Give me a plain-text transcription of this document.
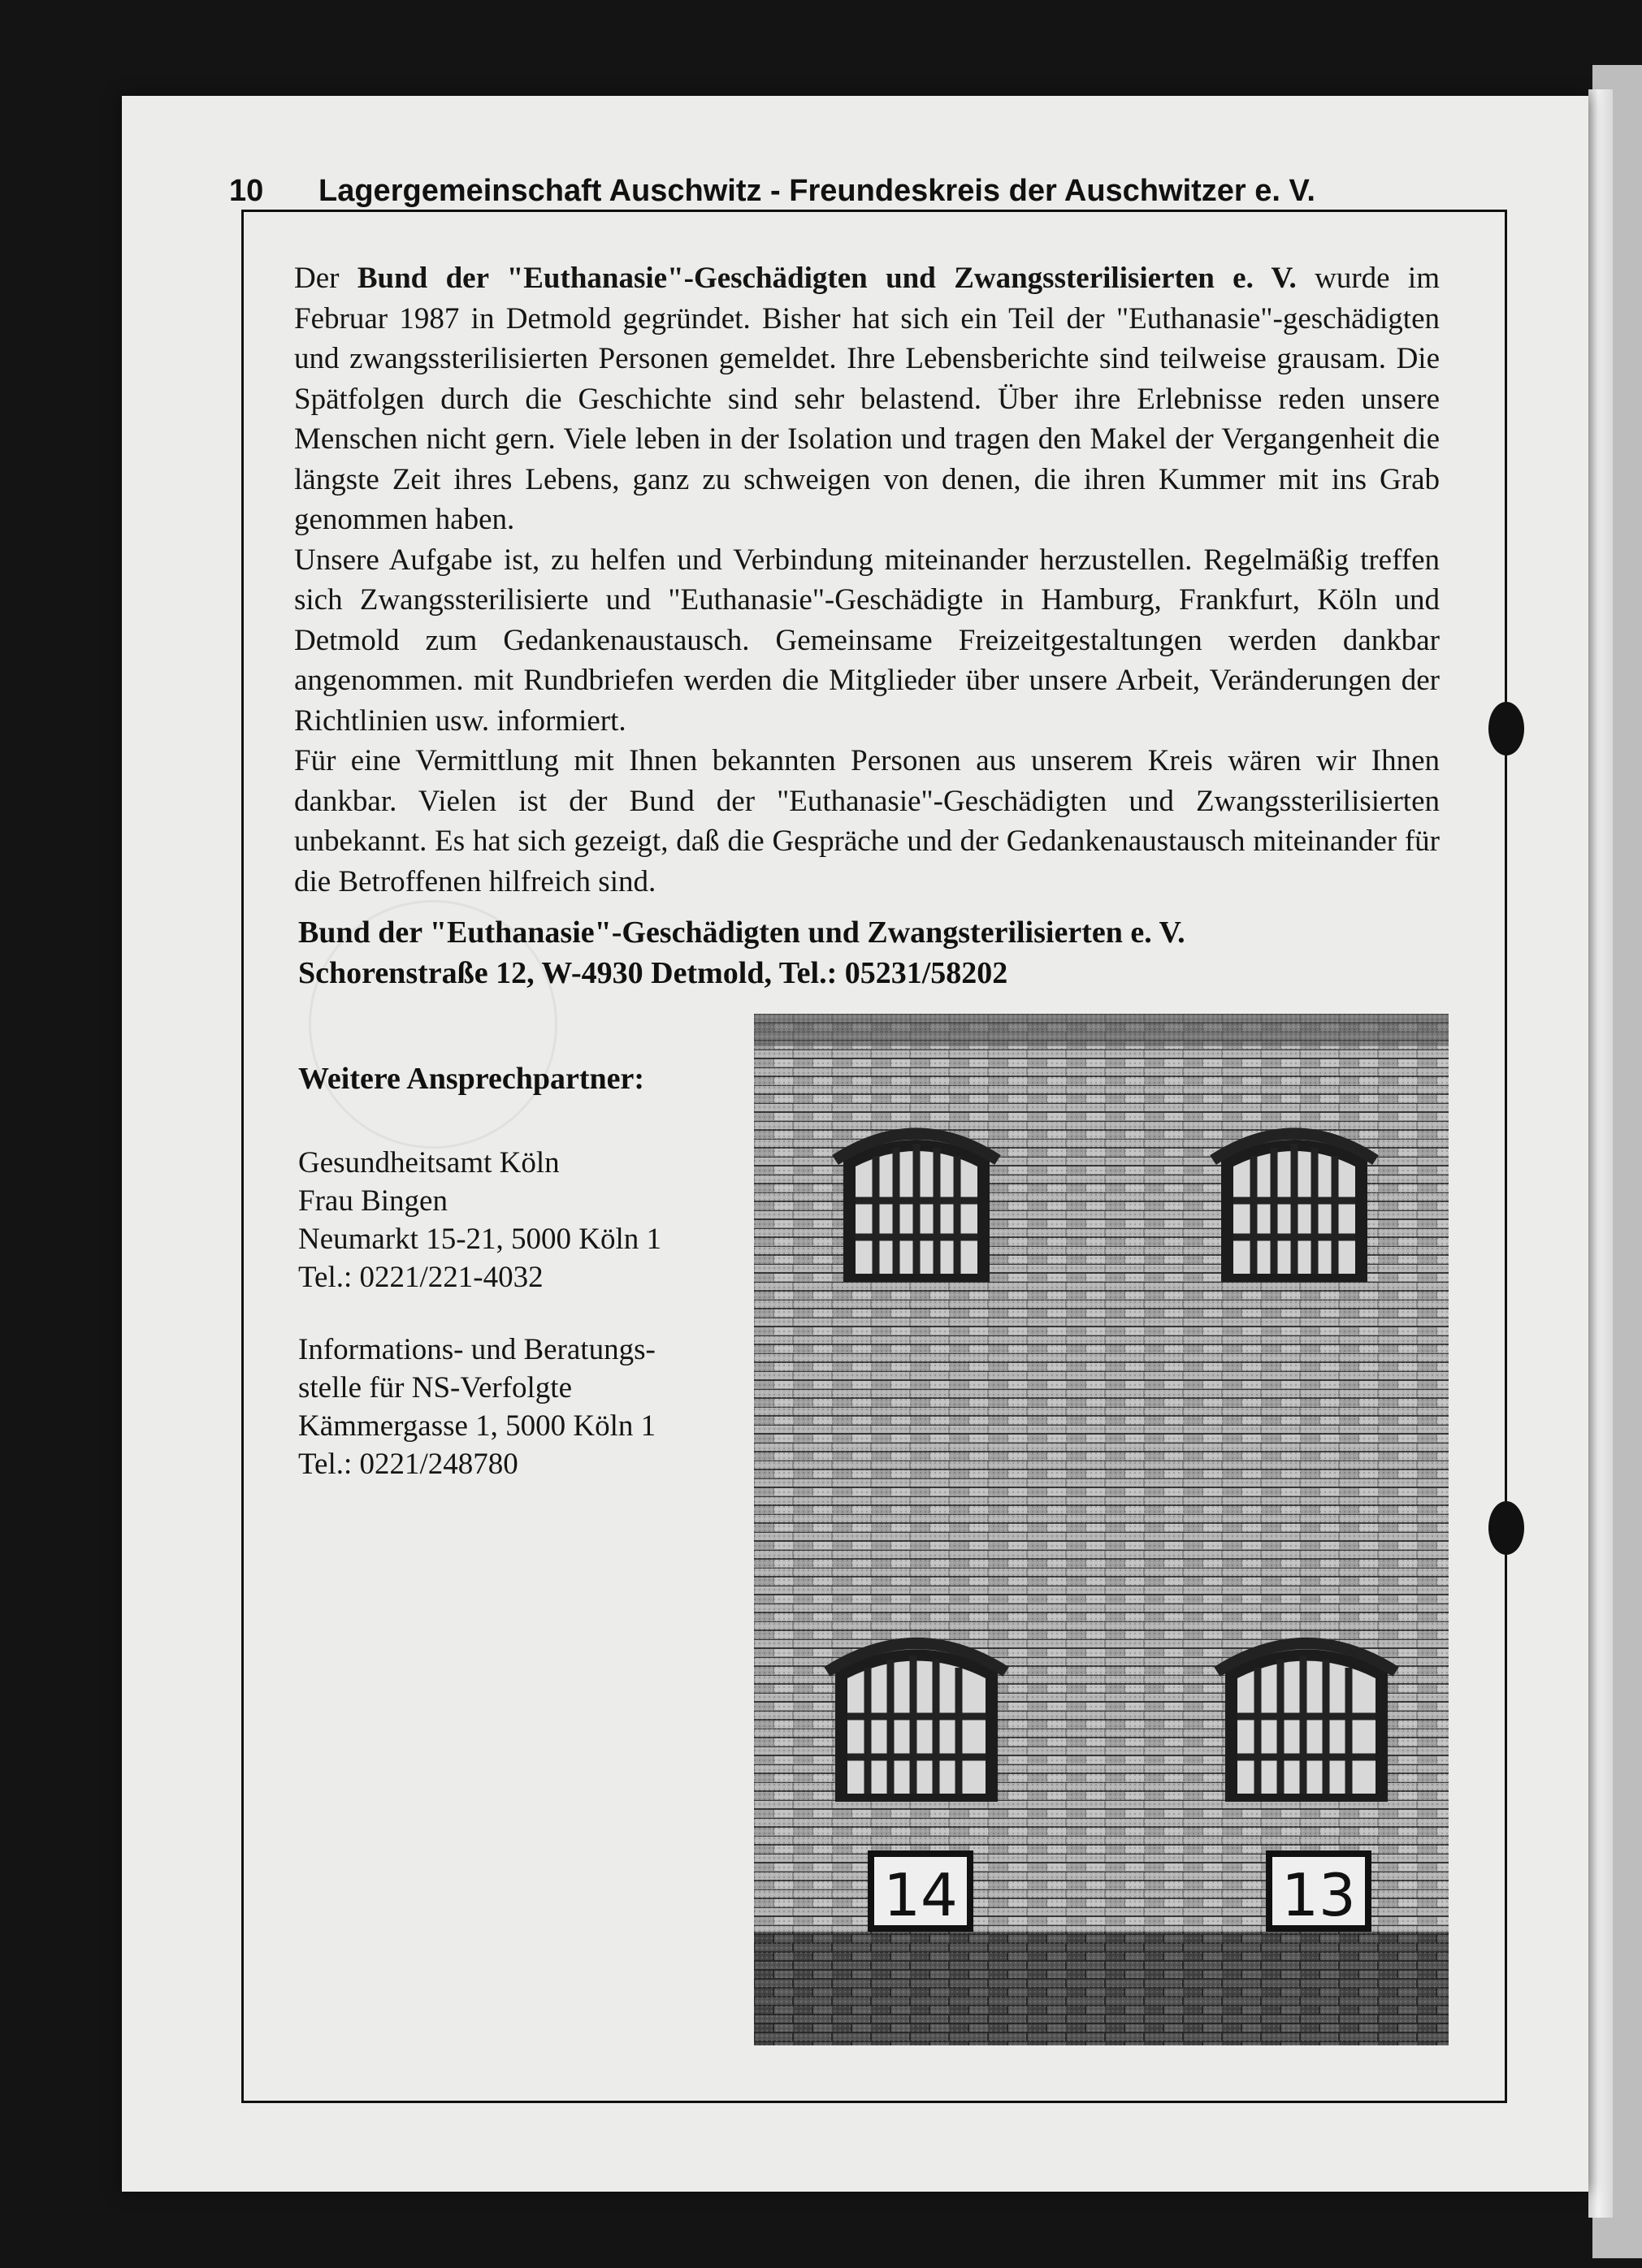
10	Lagergemeinschaft Auschwitz - Freundeskreis der Auschwitzer e. V.

Der Bund der "Euthanasie"-Geschädigten und Zwangssterilisierten e. V. wurde im Februar 1987 in Detmold gegründet. Bisher hat sich ein Teil der "Euthanasie"-geschädigten und zwangssterilisierten Personen gemeldet. Ihre Lebensberichte sind teilweise grausam. Die Spätfolgen durch die Geschichte sind sehr belastend. Über ihre Erlebnisse reden unsere Menschen nicht gern. Viele leben in der Isolation und tragen den Makel der Vergangenheit die längste Zeit ihres Lebens, ganz zu schweigen von denen, die ihren Kummer mit ins Grab genommen haben.

Unsere Aufgabe ist, zu helfen und Verbindung miteinander herzustellen. Regelmäßig treffen sich Zwangssterilisierte und "Euthanasie"-Geschädigte in Hamburg, Frankfurt, Köln und Detmold zum Gedankenaustausch. Gemeinsame Freizeitgestaltungen werden dankbar angenommen. mit Rundbriefen werden die Mitglieder über unsere Arbeit, Veränderungen der Richtlinien usw. informiert.

Für eine Vermittlung mit Ihnen bekannten Personen aus unserem Kreis wären wir Ihnen dankbar. Vielen ist der Bund der "Euthanasie"-Geschädigten und Zwangssterilisierten unbekannt. Es hat sich gezeigt, daß die Gespräche und der Gedankenaustausch miteinander für die Betroffenen hilfreich sind.

Bund der "Euthanasie"-Geschädigten und Zwangsterilisierten e. V.
Schorenstraße 12, W-4930 Detmold, Tel.: 05231/58202
Weitere Ansprechpartner:
Gesundheitsamt Köln
Frau Bingen
Neumarkt 15-21, 5000 Köln 1
Tel.: 0221/221-4032
Informations- und Beratungs-
stelle für NS-Verfolgte
Kämmergasse 1, 5000 Köln 1
Tel.: 0221/248780
14	13
